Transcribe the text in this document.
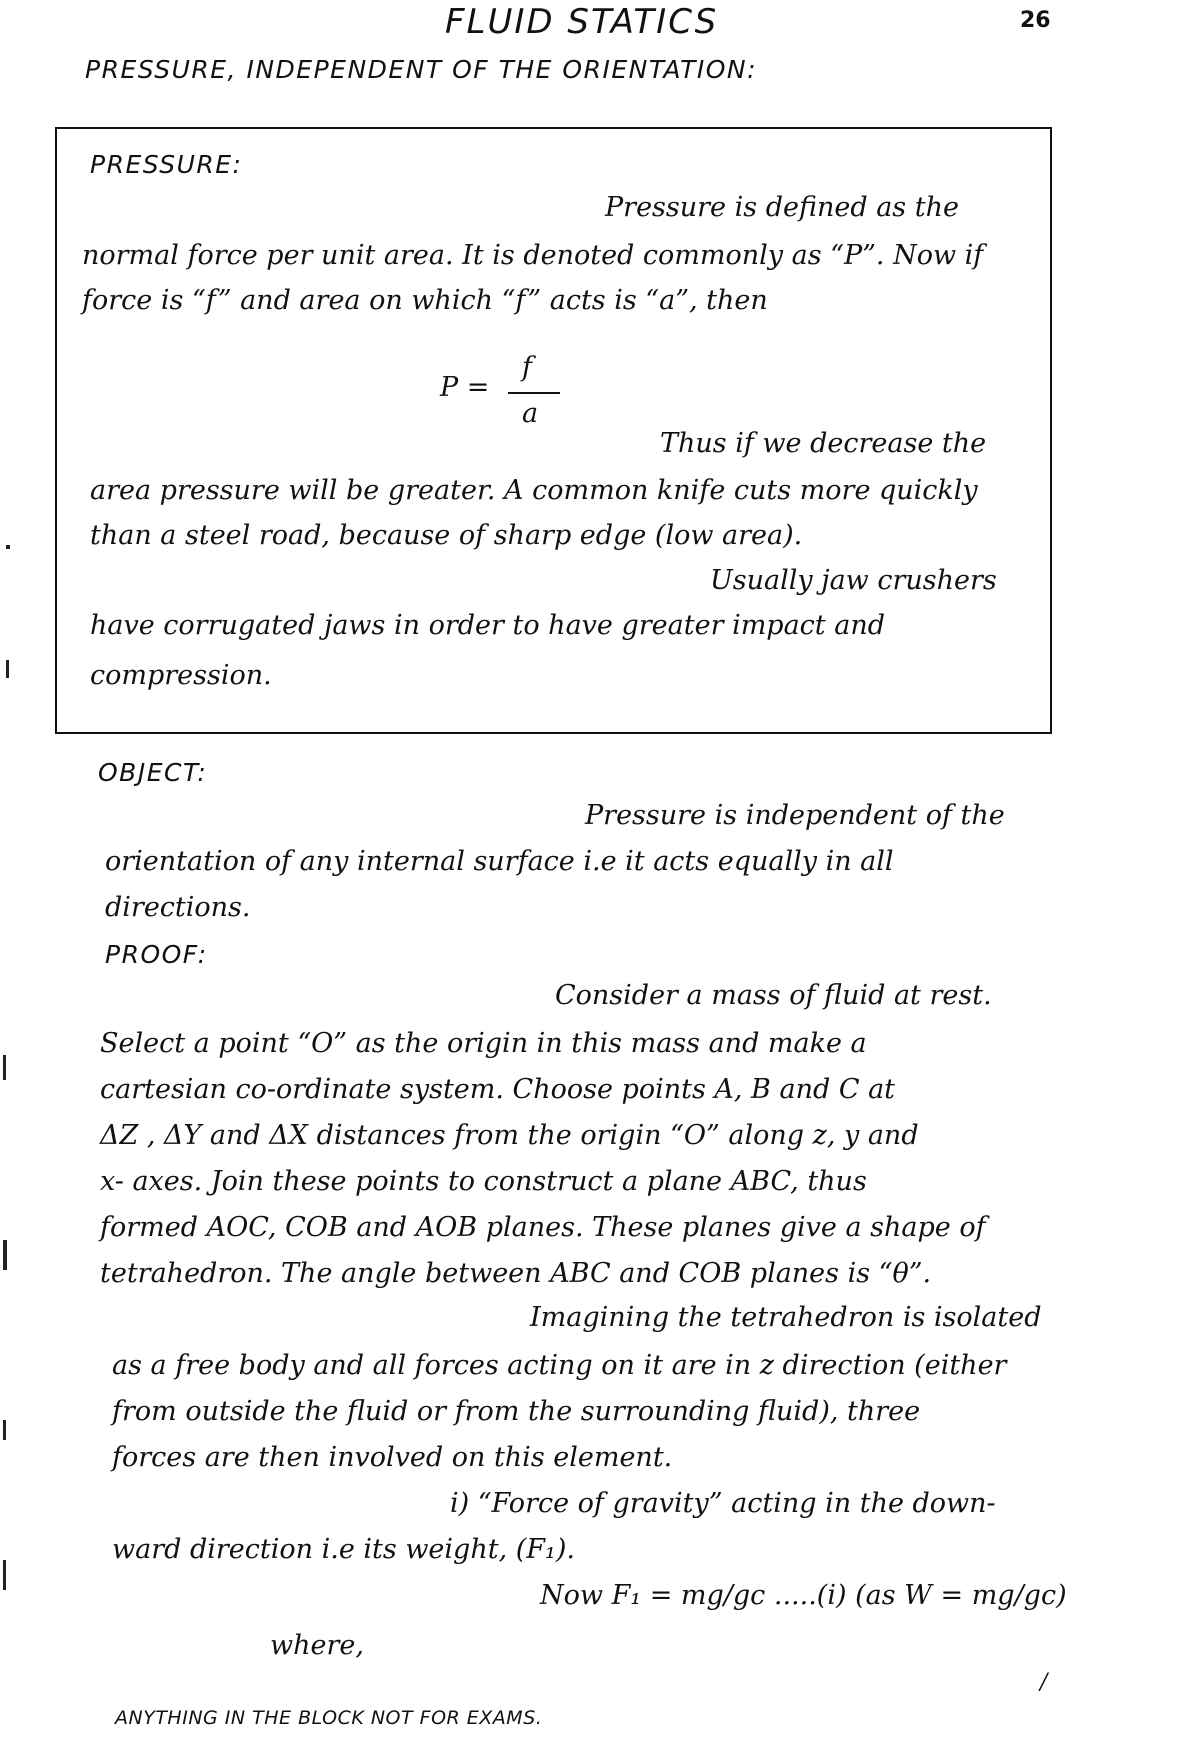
FLUID STATICS	26
PRESSURE, INDEPENDENT OF THE ORIENTATION:
PRESSURE:
Pressure is defined as the
normal force per unit area. It is denoted commonly as “P”. Now if
force is “f” and area on which “f” acts is “a”, then
P =
f
a
Thus if we decrease the
area pressure will be greater. A common knife cuts more quickly
than a steel road, because of sharp edge (low area).
Usually jaw crushers
have corrugated jaws in order to have greater impact and
compression.
OBJECT:
Pressure is independent of the
orientation of any internal surface i.e it acts equally in all
directions.
PROOF:
Consider a mass of fluid at rest.
Select a point “O” as the origin in this mass and make a
cartesian co-ordinate system. Choose points A, B and C at
ΔZ , ΔY and ΔX distances from the origin “O” along z, y and
x- axes. Join these points to construct a plane ABC, thus
formed AOC, COB and AOB planes. These planes give a shape of
tetrahedron. The angle between ABC and COB planes is “θ”.
Imagining the tetrahedron is isolated
as a free body and all forces acting on it are in z direction (either
from outside the fluid or from the surrounding fluid), three
forces are then involved on this element.
i) “Force of gravity” acting in the down-
ward direction i.e its weight, (F₁).
Now F₁ = mg/gc .....(i) (as W = mg/gc)
where,
/
ANYTHING IN THE BLOCK NOT FOR EXAMS.
